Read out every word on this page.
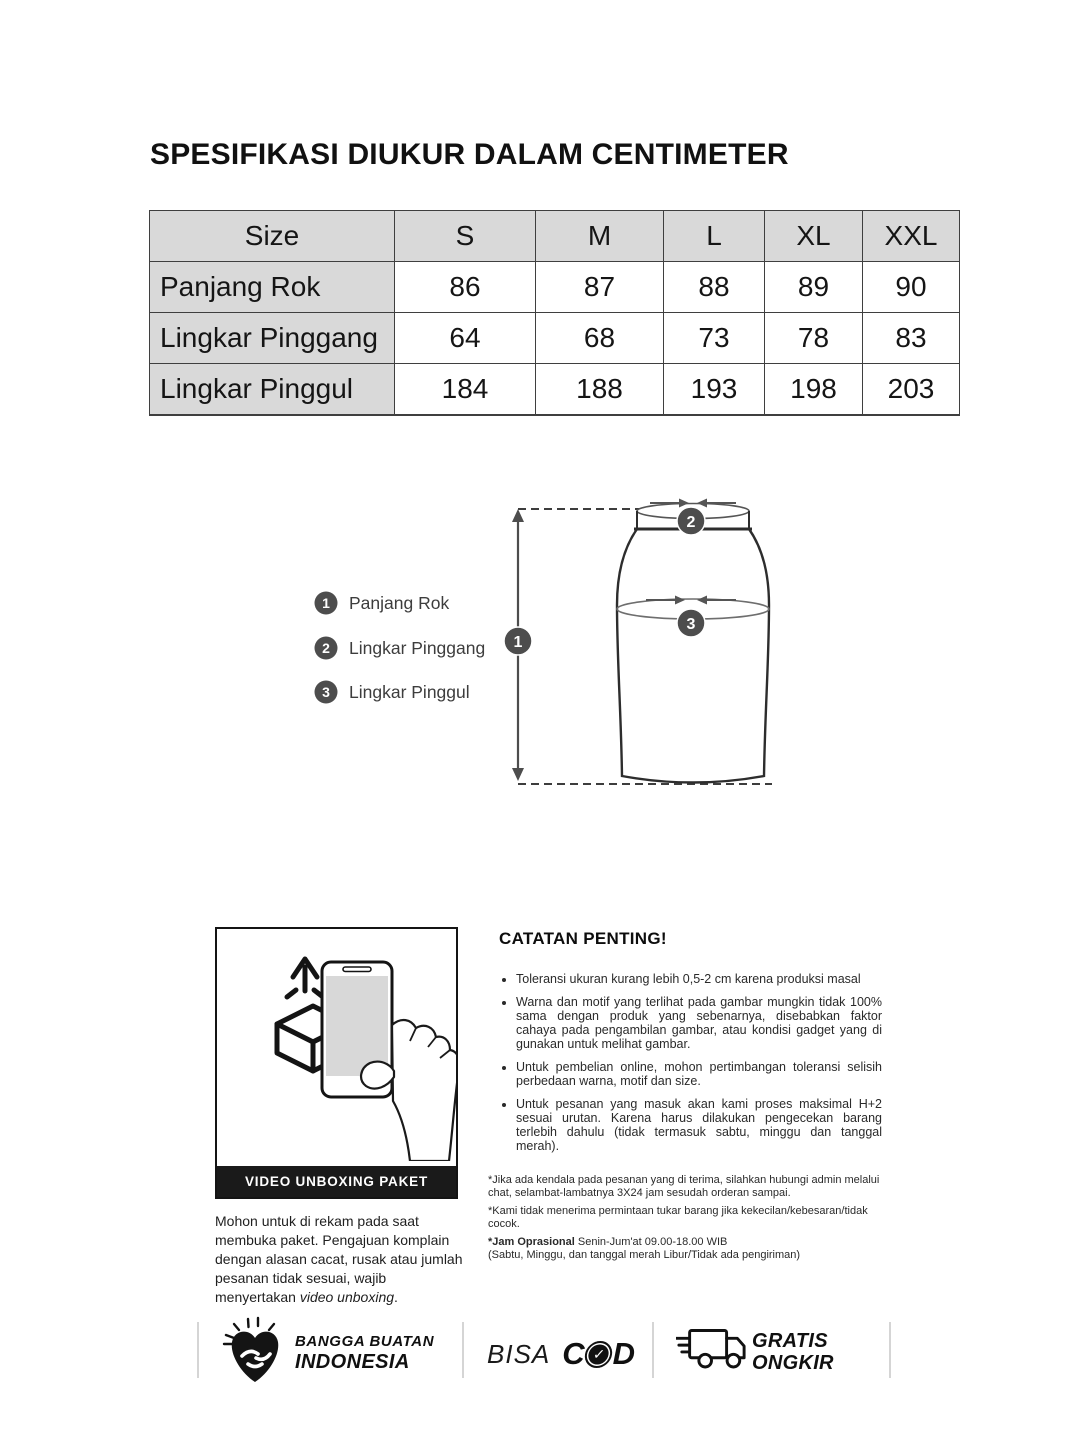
SPESIFIKASI DIUKUR DALAM CENTIMETER
Size	S	M	L	XL	XXL
Panjang Rok	86	87	88	89	90
Lingkar Pinggang	64	68	73	78	83
Lingkar Pinggul	184	188	193	198	203
1 Panjang Rok
2 Lingkar Pinggang
3 Lingkar Pinggul
2
3
1
VIDEO UNBOXING PAKET
Mohon untuk di rekam pada saat membuka paket. Pengajuan komplain dengan alasan cacat, rusak atau jumlah pesanan tidak sesuai, wajib menyertakan video unboxing.
CATATAN PENTING!
• Toleransi ukuran kurang lebih 0,5-2 cm karena produksi masal
• Warna dan motif yang terlihat pada gambar mungkin tidak 100% sama dengan produk yang sebenarnya, disebabkan faktor cahaya pada pengambilan gambar, atau kondisi gadget yang di gunakan untuk melihat gambar.
• Untuk pembelian online, mohon pertimbangan toleransi selisih perbedaan warna, motif dan size.
• Untuk pesanan yang masuk akan kami proses maksimal H+2 sesuai urutan. Karena harus dilakukan pengecekan barang terlebih dahulu (tidak termasuk sabtu, minggu dan tanggal merah).

*Jika ada kendala pada pesanan yang di terima, silahkan hubungi admin melalui chat, selambat-lambatnya 3X24 jam sesudah orderan sampai.

*Kami tidak menerima permintaan tukar barang jika kekecilan/kebesaran/tidak cocok.

*Jam Oprasional Senin-Jum'at 09.00-18.00 WIB
(Sabtu, Minggu, dan tanggal merah Libur/Tidak ada pengiriman)

BANGGA BUATAN
INDONESIA	BISA C ✓ D	GRATIS
ONGKIR
